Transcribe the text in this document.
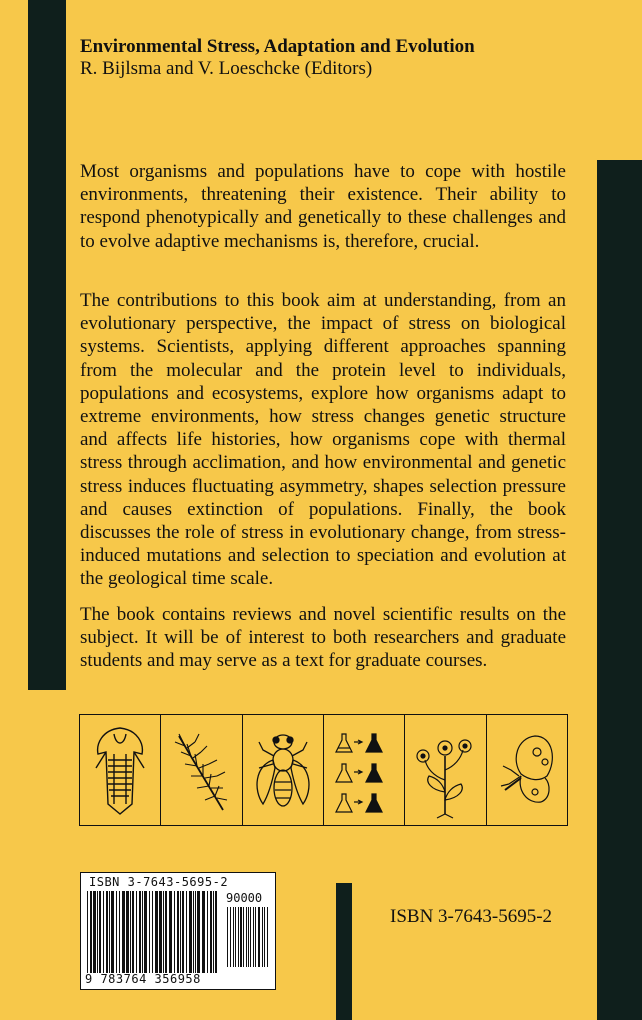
Environmental Stress, Adaptation and Evolution
R. Bijlsma and V. Loeschcke (Editors)

Most organisms and populations have to cope with hostile environments, threatening their existence. Their ability to respond phenotypically and genetically to these challenges and to evolve adaptive mechanisms is, therefore, crucial.

The contributions to this book aim at understanding, from an evolutionary perspective, the impact of stress on biological systems. Scientists, applying different approaches spanning from the molecular and the protein level to individuals, populations and ecosystems, explore how organisms adapt to extreme environments, how stress changes genetic structure and affects life histories, how organisms cope with thermal stress through acclimation, and how environmental and genetic stress induces fluctuating asymmetry, shapes selection pressure and causes extinction of populations. Finally, the book discusses the role of stress in evolutionary change, from stress-induced mutations and selection to speciation and evolution at the geological time scale.

The book contains reviews and novel scientific results on the subject. It will be of interest to both researchers and graduate students and may serve as a text for graduate courses.

ISBN 3-7643-5695-2
90000
9 783764 356958
ISBN 3-7643-5695-2
